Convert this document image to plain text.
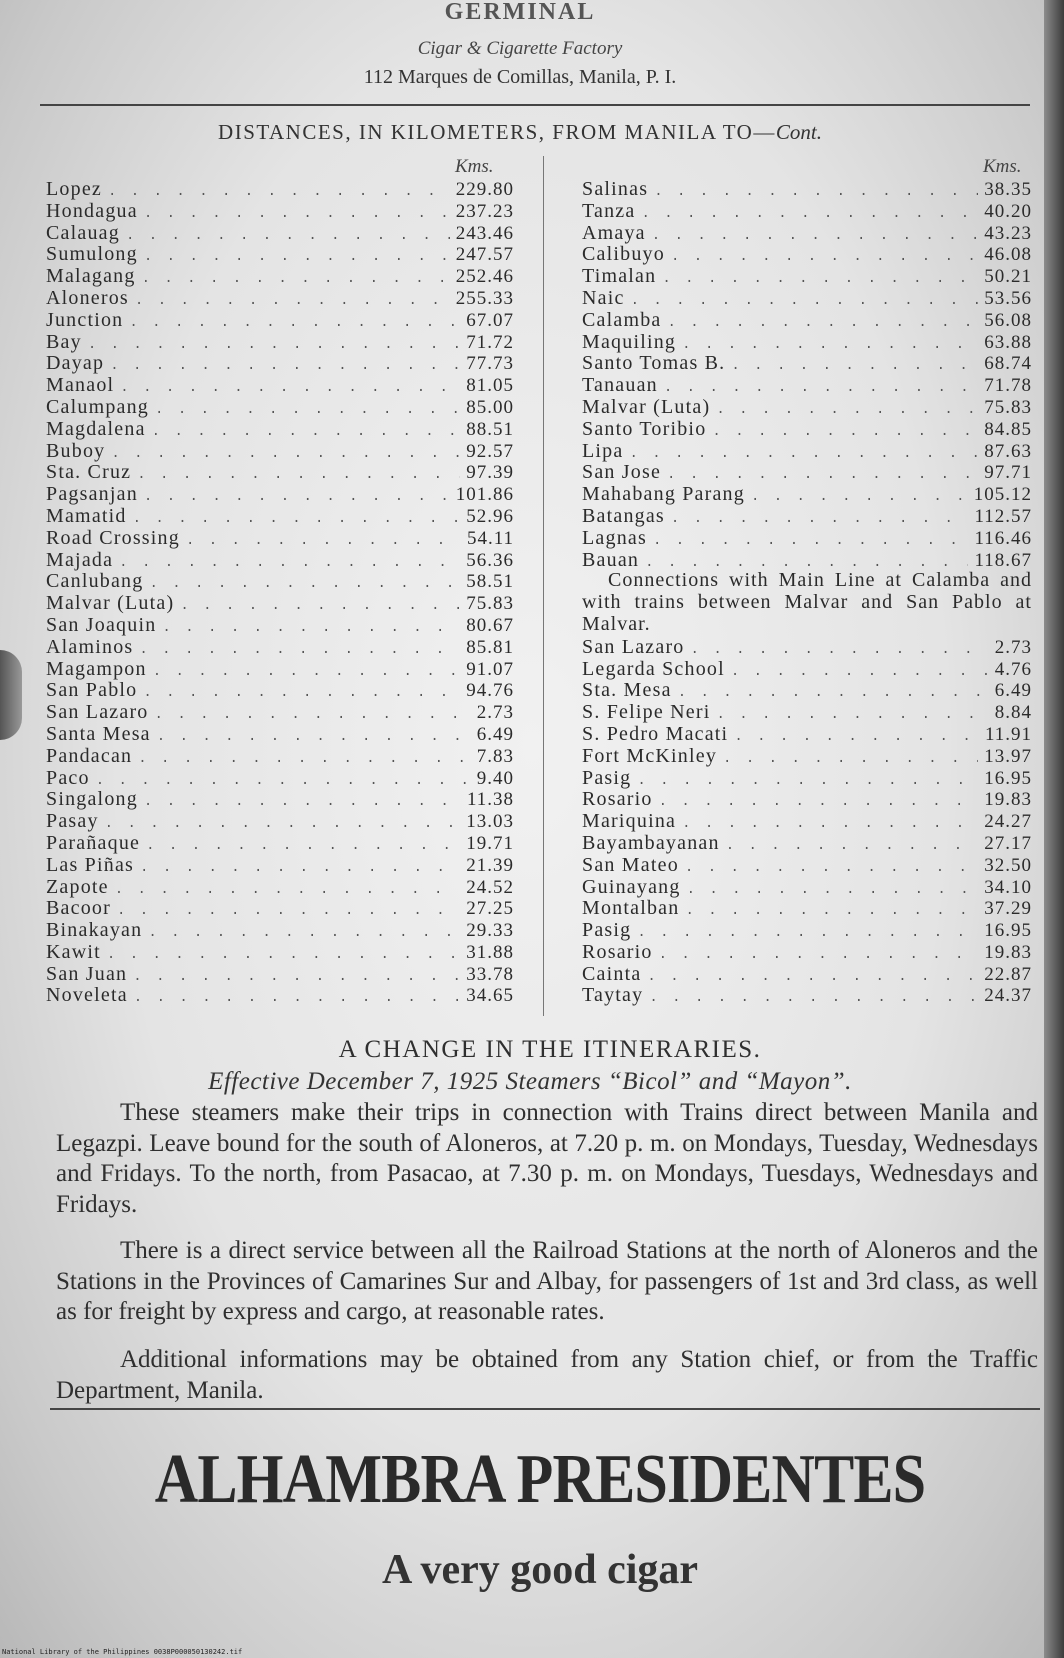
GERMINAL
Cigar & Cigarette Factory
112 Marques de Comillas, Manila, P. I.
DISTANCES, IN KILOMETERS, FROM MANILA TO—Cont.
Kms.	Kms.
Lopez . . .	229.80
Hondagua . . .	237.23
Calauag . . .	243.46
Sumulong . . .	247.57
Malagang . . .	252.46
Aloneros . . .	255.33
Junction . . .	67.07
Bay . . .	71.72
Dayap . . .	77.73
Manaol . . .	81.05
Calumpang . . .	85.00
Magdalena . . .	88.51
Buboy . . .	92.57
Sta. Cruz . . .	97.39
Pagsanjan . . .	101.86
Mamatid . . .	52.96
Road Crossing . . .	54.11
Majada . . .	56.36
Canlubang . . .	58.51
Malvar (Luta) . . .	75.83
San Joaquin . . .	80.67
Alaminos . . .	85.81
Magampon . . .	91.07
San Pablo . . .	94.76
San Lazaro . . .	2.73
Santa Mesa . . .	6.49
Pandacan . . .	7.83
Paco . . .	9.40
Singalong . . .	11.38
Pasay . . .	13.03
Parañaque . . .	19.71
Las Piñas . . .	21.39
Zapote . . .	24.52
Bacoor . . .	27.25
Binakayan . . .	29.33
Kawit . . .	31.88
San Juan . . .	33.78
Noveleta . . .	34.65
Salinas . . .	38.35
Tanza . . .	40.20
Amaya . . .	43.23
Calibuyo . . .	46.08
Timalan . . .	50.21
Naic . . .	53.56
Calamba . . .	56.08
Maquiling . . .	63.88
Santo Tomas B. . . .	68.74
Tanauan . . .	71.78
Malvar (Luta) . . .	75.83
Santo Toribio . . .	84.85
Lipa . . .	87.63
San Jose . . .	97.71
Mahabang Parang . . .	105.12
Batangas . . .	112.57
Lagnas . . .	116.46
Bauan . . .	118.67

Connections with Main Line at Calamba and with trains between Malvar and San Pablo at Malvar.

San Lazaro . . .	2.73
Legarda School . . .	4.76
Sta. Mesa . . .	6.49
S. Felipe Neri . . .	8.84
S. Pedro Macati . . .	11.91
Fort McKinley . . .	13.97
Pasig . . .	16.95
Rosario . . .	19.83
Mariquina . . .	24.27
Bayambayanan . . .	27.17
San Mateo . . .	32.50
Guinayang . . .	34.10
Montalban . . .	37.29
Pasig . . .	16.95
Rosario . . .	19.83
Cainta . . .	22.87
Taytay . . .	24.37
A CHANGE IN THE ITINERARIES.
Effective December 7, 1925 Steamers “Bicol” and “Mayon”.

These steamers make their trips in connection with Trains direct between Manila and Legazpi. Leave bound for the south of Aloneros, at 7.20 p. m. on Mondays, Tuesday, Wednesdays and Fridays. To the north, from Pasacao, at 7.30 p. m. on Mondays, Tuesdays, Wednesdays and Fridays.

There is a direct service between all the Railroad Stations at the north of Aloneros and the Stations in the Provinces of Camarines Sur and Albay, for passengers of 1st and 3rd class, as well as for freight by express and cargo, at reasonable rates.

Additional informations may be obtained from any Station chief, or from the Traffic Department, Manila.

ALHAMBRA PRESIDENTES
A very good cigar
National Library of the Philippines 0038P000050130242.tif
